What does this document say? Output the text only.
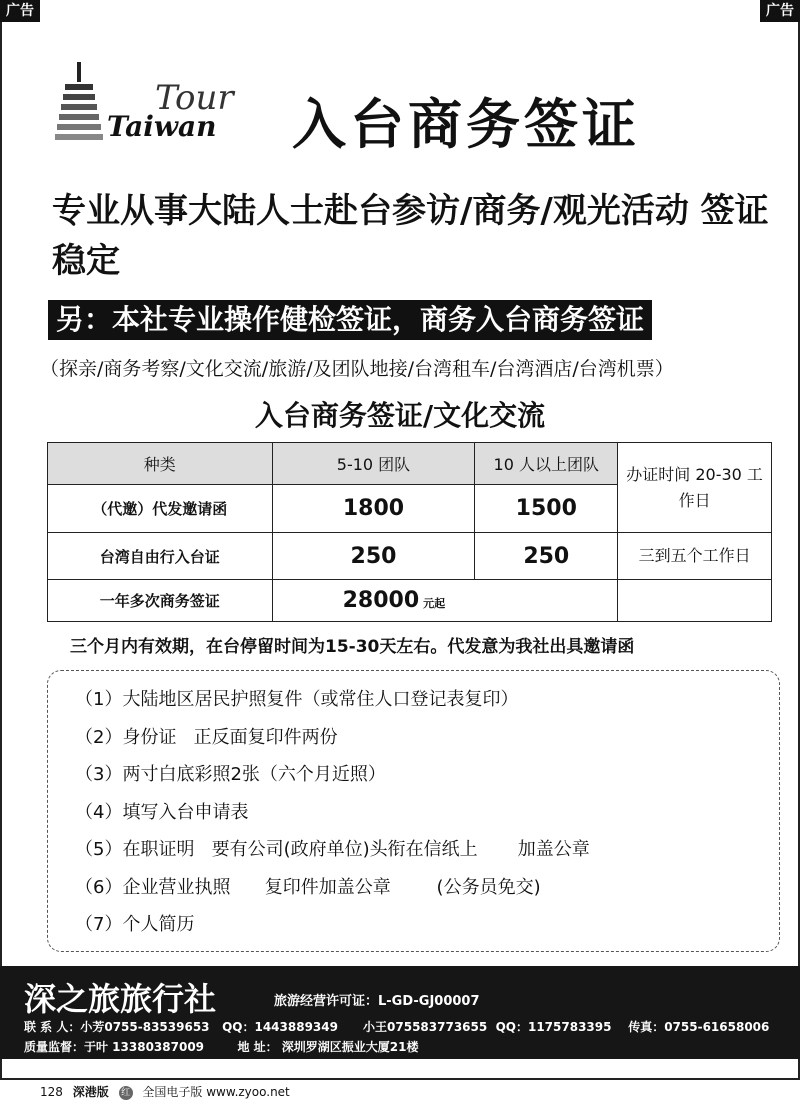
广告	广告
Tour
Taiwan 入台商务签证
专业从事大陆人士赴台参访/商务/观光活动 签证稳定
另：本社专业操作健检签证，商务入台商务签证
（探亲/商务考察/文化交流/旅游/及团队地接/台湾租车/台湾酒店/台湾机票）
入台商务签证/文化交流
种类	5-10 团队	10 人以上团队	办证时间 20-30 工作日
（代邀）代发邀请函	1800	1500	
台湾自由行入台证	250	250	三到五个工作日
一年多次商务签证	28000 元起		
三个月内有效期，在台停留时间为15-30天左右。代发意为我社出具邀请函
（1）大陆地区居民护照复件（或常住人口登记表复印）
（2）身份证   正反面复印件两份
（3）两寸白底彩照2张（六个月近照）
（4）填写入台申请表
（5）在职证明   要有公司(政府单位)头衔在信纸上       加盖公章
（6）企业营业执照      复印件加盖公章        (公务员免交)
（7）个人简历
深之旅旅行社	旅游经营许可证：L-GD-GJ00007
联 系 人：小芳0755-83539653   QQ：1443889349      小王075583773655  QQ：1175783395    传真：0755-61658006
质量监督：于叶 13380387009        地 址： 深圳罗湖区振业大厦21楼
128 深港版 红 全国电子版 www.zyoo.net
